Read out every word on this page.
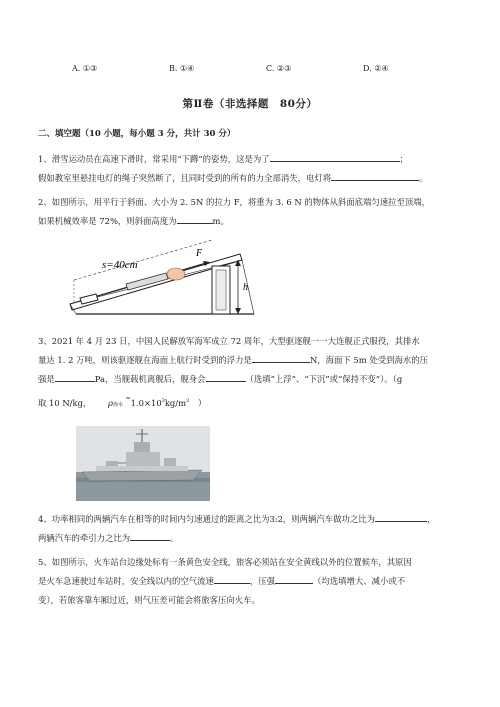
A. ①③	B. ①④	C. ②③	D. ②④
第Ⅱ卷（非选择题　80分）
二、填空题（10 小题，每小题 3 分，共计 30 分）
1、滑雪运动员在高速下滑时，常采用“下蹲”的姿势，这是为了	；
假如教室里悬挂电灯的绳子突然断了，且同时受到的所有的力全部消失，电灯将	。
2、如图所示，用平行于斜面、大小为 2. 5N 的拉力 F，将重为 3. 6 N 的物体从斜面底端匀速拉至顶端，
如果机械效率是 72%，则斜面高度为	m。
s=40cm
F
h
3、2021 年 4 月 23 日，中国人民解放军海军成立 72 周年，大型驱逐舰一一大连舰正式服役，其排水
量达 1. 2 万吨，则该驱逐舰在海面上航行时受到的浮力是	N，海面下 5m 处受到海水的压
强是	Pa，当舰载机离舰后，舰身会	（选填“上浮”、“下沉”或“保持不变”）。（g
取 10 N/kg， ρ海水 $^\approx 1.0\times 10^3kg/m^3$ ）
4、功率相同的两辆汽车在相等的时间内匀速通过的距离之比为3:2，则两辆汽车做功之比为	，
两辆汽车的牵引力之比为	。
5、如图所示，火车站台边缘处标有一条黄色安全线，旅客必须站在安全黄线以外的位置候车，其原因
是火车急速驶过车站时，安全线以内的空气流速	，压强	（均选填增大、减小或不
变），若旅客靠车厢过近，则气压差可能会将旅客压向火车。
